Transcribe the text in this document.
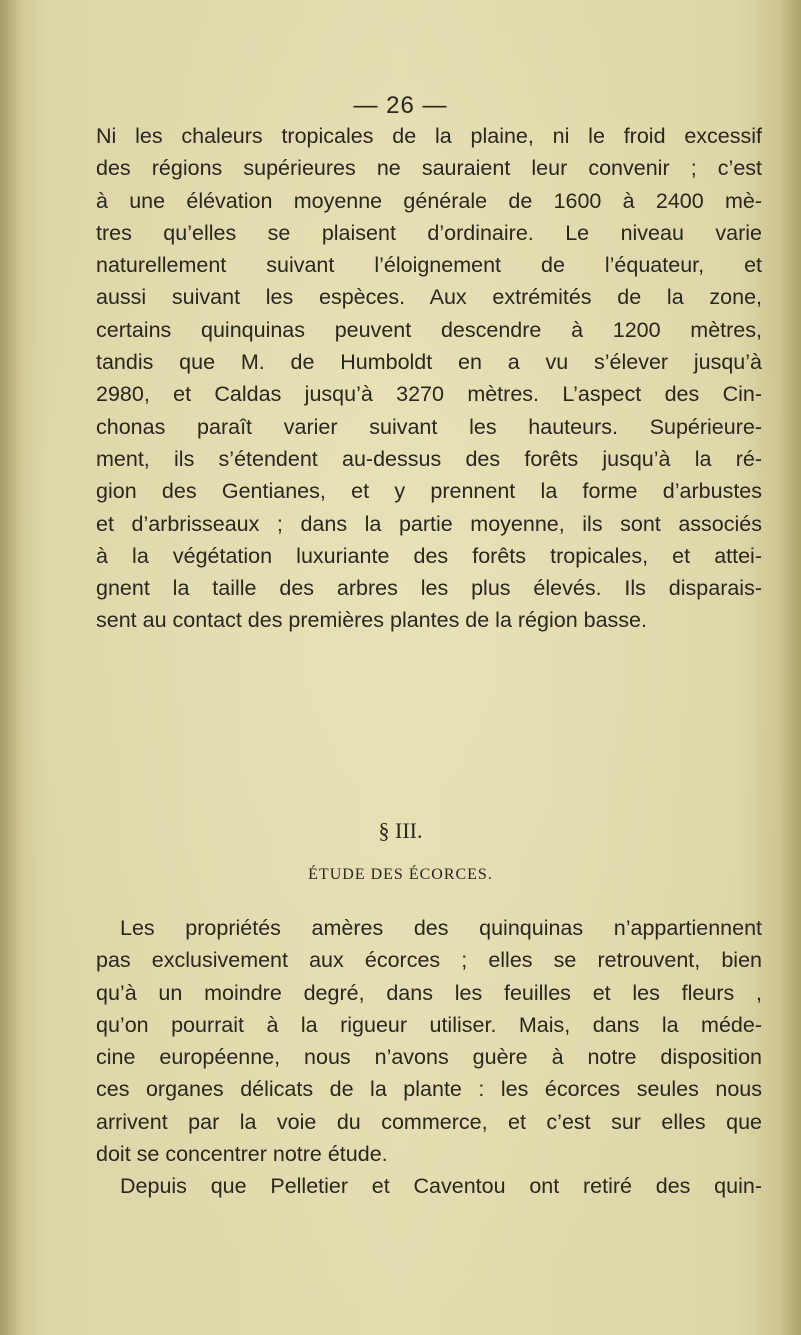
— 26 —
Ni les chaleurs tropicales de la plaine, ni le froid excessif
des régions supérieures ne sauraient leur convenir ; c’est
à une élévation moyenne générale de 1600 à 2400 mè-
tres qu’elles se plaisent d’ordinaire. Le niveau varie
naturellement suivant l’éloignement de l’équateur, et
aussi suivant les espèces. Aux extrémités de la zone,
certains quinquinas peuvent descendre à 1200 mètres,
tandis que M. de Humboldt en a vu s’élever jusqu’à
2980, et Caldas jusqu’à 3270 mètres. L’aspect des Cin-
chonas paraît varier suivant les hauteurs. Supérieure-
ment, ils s’étendent au-dessus des forêts jusqu’à la ré-
gion des Gentianes, et y prennent la forme d’arbustes
et d’arbrisseaux ; dans la partie moyenne, ils sont associés
à la végétation luxuriante des forêts tropicales, et attei-
gnent la taille des arbres les plus élevés. Ils disparais-
sent au contact des premières plantes de la région basse.
§ III.
ÉTUDE DES ÉCORCES.
Les propriétés amères des quinquinas n’appartiennent
pas exclusivement aux écorces ; elles se retrouvent, bien
qu’à un moindre degré, dans les feuilles et les fleurs ,
qu’on pourrait à la rigueur utiliser. Mais, dans la méde-
cine européenne, nous n’avons guère à notre disposition
ces organes délicats de la plante : les écorces seules nous
arrivent par la voie du commerce, et c’est sur elles que
doit se concentrer notre étude.
Depuis que Pelletier et Caventou ont retiré des quin-
